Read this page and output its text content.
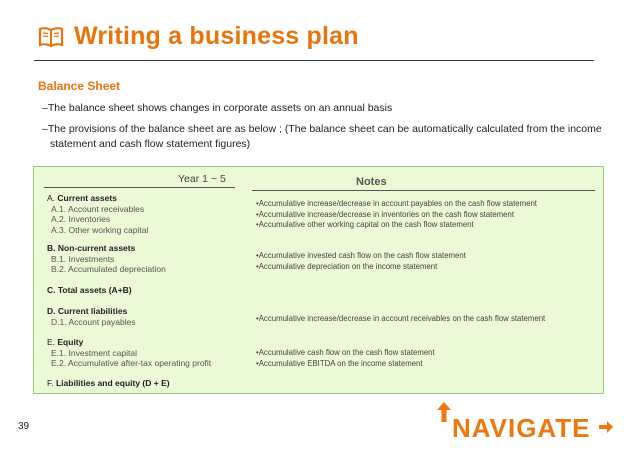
Writing a business plan
Balance Sheet
–The balance sheet shows changes in corporate assets on an annual basis
–The provisions of the balance sheet are as below ; (The balance sheet can be automatically calculated from the income
statement and cash flow statement figures)
Year 1 ~ 5	Notes
A. Current assets
A.1. Account receivables
A.2. Inventories
A.3. Other working capital
• Accumulative increase/decrease in account payables on the cash flow statement
• Accumulative increase/decrease in inventories on the cash flow statement
• Accumulative other working capital on the cash flow statement
B. Non-current assets
B.1. Investments
B.2. Accumulated depreciation
• Accumulative invested cash flow on the cash flow statement
• Accumulative depreciation on the income statement
C. Total assets (A+B)
D. Current liabilities
D.1. Account payables
•	Accumulative increase/decrease in account receivables on the cash flow statement
E. Equity
E.1. Investment capital
E.2. Accumulative after-tax operating profit
• Accumulative cash flow on the cash flow statement
• Accumulative EBITDA on the income statement
F. Liabilities and equity (D + E)
39	NAVIGATE
